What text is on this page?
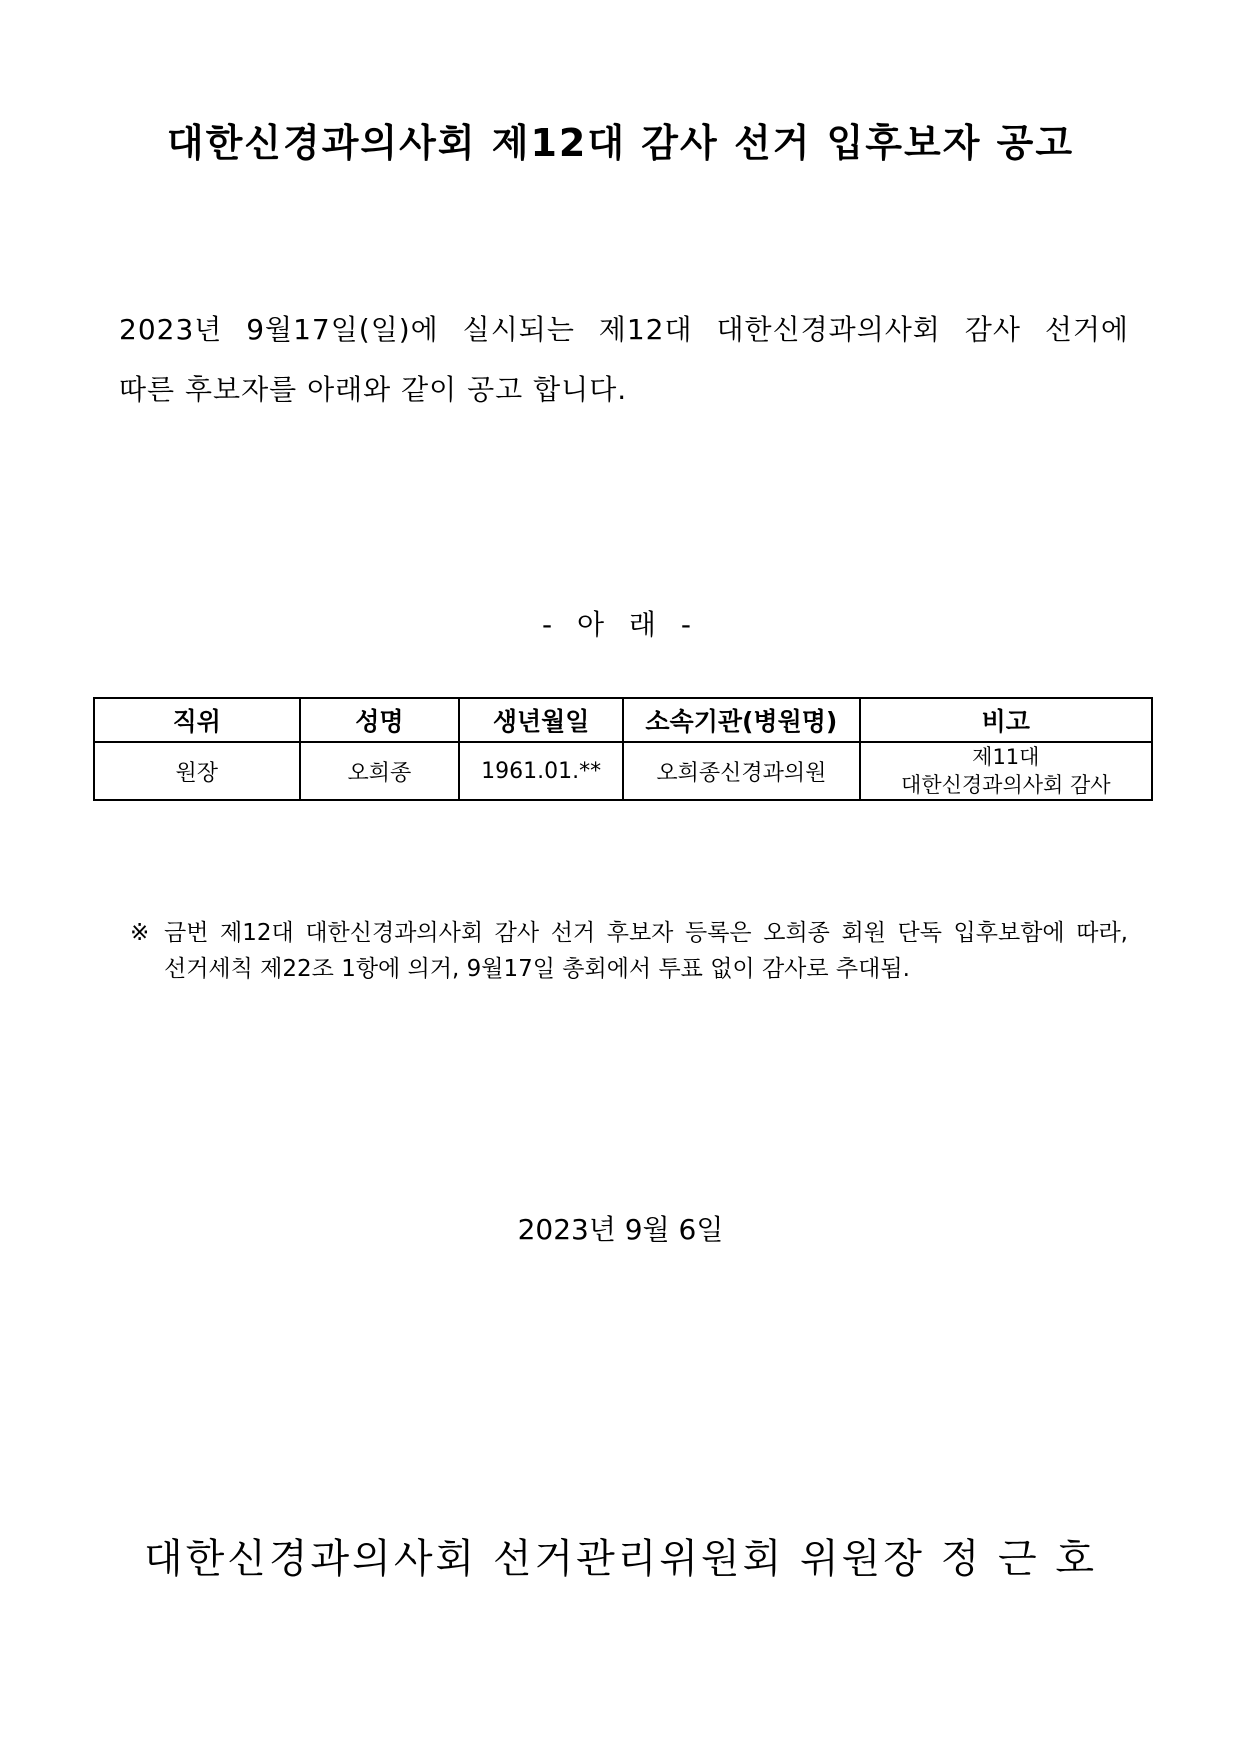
대한신경과의사회 제12대 감사 선거 입후보자 공고
2023년 9월17일(일)에 실시되는 제12대 대한신경과의사회 감사 선거에
따른 후보자를 아래와 같이 공고 합니다.
- 아 래 -
직위	성명	생년월일	소속기관(병원명)	비고
원장	오희종	1961.01.**	오희종신경과의원	제11대
대한신경과의사회 감사
※ 금번 제12대 대한신경과의사회 감사 선거 후보자 등록은 오희종 회원 단독 입후보함에 따라, 선거세칙 제22조 1항에 의거, 9월17일 총회에서 투표 없이 감사로 추대됨.
2023년 9월 6일
대한신경과의사회 선거관리위원회 위원장 정 근 호
